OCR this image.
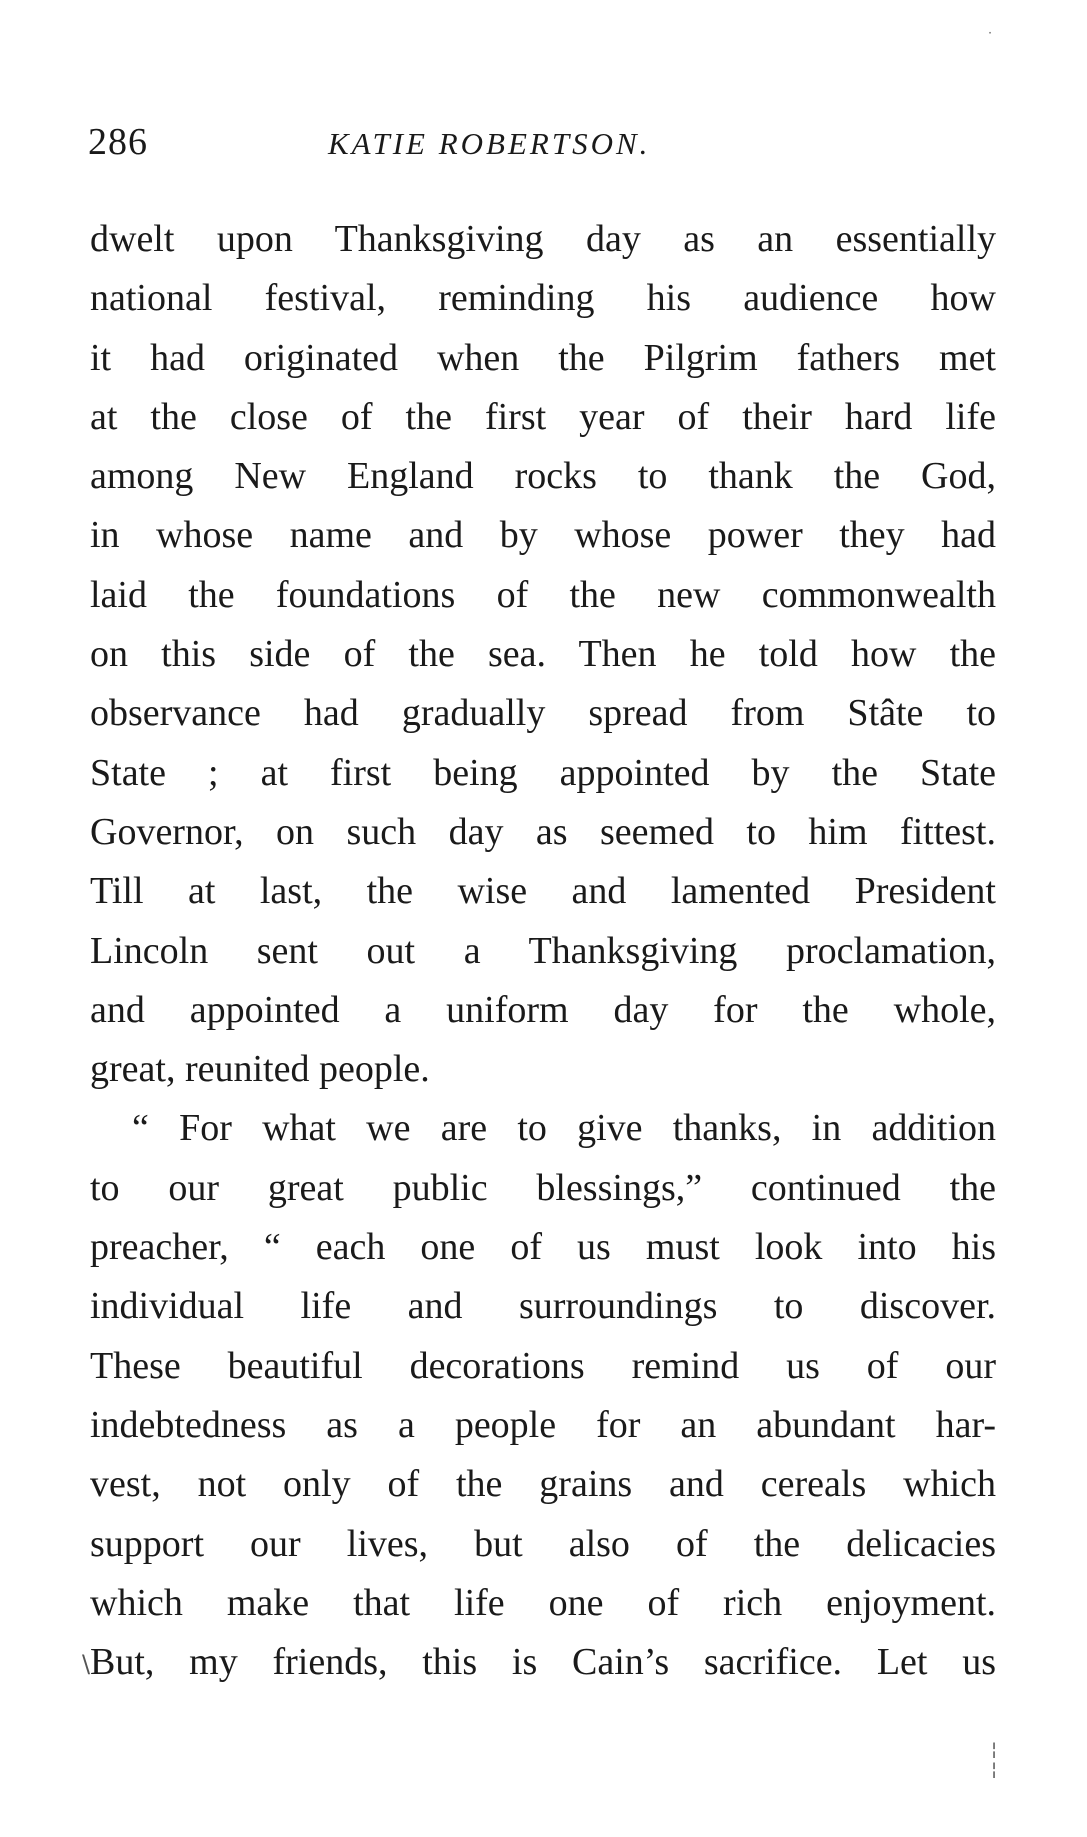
·
286	KATIE ROBERTSON.
dwelt upon Thanksgiving day as an essentially
national festival, reminding his audience how
it had originated when the Pilgrim fathers met
at the close of the first year of their hard life
among New England rocks to thank the God,
in whose name and by whose power they had
laid the foundations of the new commonwealth
on this side of the sea. Then he told how the
observance had gradually spread from Stâte to
State ; at first being appointed by the State
Governor, on such day as seemed to him fittest.
Till at last, the wise and lamented President
Lincoln sent out a Thanksgiving proclamation,
and appointed a uniform day for the whole,
great, reunited people.
“ For what we are to give thanks, in addition
to our great public blessings,” continued the
preacher, “ each one of us must look into his
individual life and surroundings to discover.
These beautiful decorations remind us of our
indebtedness as a people for an abundant har-
vest, not only of the grains and cereals which
support our lives, but also of the delicacies
which make that life one of rich enjoyment.
But, my friends, this is Cain’s sacrifice. Let us
\
¦
¦
